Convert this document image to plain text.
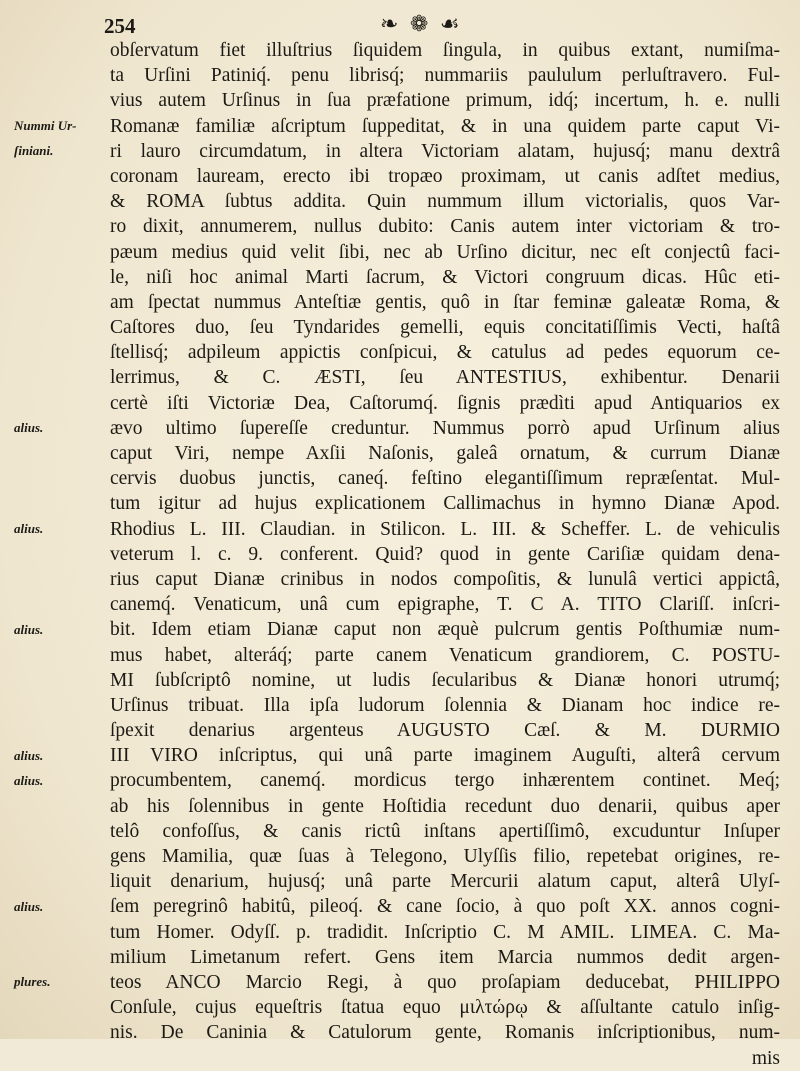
254	❧ ❁ ☙
Nummi Ur-
ſiniani.
alius.
alius.
alius.
alius.
alius.
alius.
plures.
obſervatum fiet illuſtrius ſiquidem ſingula, in quibus extant, numiſma-
ta Urſini Patiniq́. penu librisq́; nummariis paululum perluſtravero. Ful-
vius autem Urſinus in ſua præfatione primum, idq́; incertum, h. e. nulli
Romanæ familiæ aſcriptum ſuppeditat, & in una quidem parte caput Vi-
ri lauro circumdatum, in altera Victoriam alatam, hujusq́; manu dextrâ
coronam lauream, erecto ibi tropæo proximam, ut canis adſtet medius,
& ROMA ſubtus addita. Quin nummum illum victorialis, quos Var-
ro dixit, annumerem, nullus dubito: Canis autem inter victoriam & tro-
pæum medius quid velit ſibi, nec ab Urſino dicitur, nec eſt conjectû faci-
le, niſi hoc animal Marti ſacrum, & Victori congruum dicas. Hûc eti-
am ſpectat nummus Anteſtiæ gentis, quô in ſtar feminæ galeatæ Roma, &
Caſtores duo, ſeu Tyndarides gemelli, equis concitatiſſimis Vecti, haſtâ
ſtellisq́; adpileum appictis conſpicui, & catulus ad pedes equorum ce-
lerrimus, & C. ÆSTI, ſeu ANTESTIUS, exhibentur. Denarii
certè iſti Victoriæ Dea, Caſtorumq́. ſignis prædìti apud Antiquarios ex
ævo ultimo ſupereſſe creduntur. Nummus porrò apud Urſinum alius
caput Viri, nempe Axſii Naſonis, galeâ ornatum, & currum Dianæ
cervis duobus junctis, caneq́. feſtino elegantiſſimum repræſentat. Mul-
tum igitur ad hujus explicationem Callimachus in hymno Dianæ Apod.
Rhodius L. III. Claudian. in Stilicon. L. III. & Scheffer. L. de vehiculis
veterum l. c. 9. conferent. Quid? quod in gente Cariſiæ quidam dena-
rius caput Dianæ crinibus in nodos compoſitis, & lunulâ vertici appictâ,
canemq́. Venaticum, unâ cum epigraphe, T. C A. TITO Clariſſ. inſcri-
bit. Idem etiam Dianæ caput non æquè pulcrum gentis Poſthumiæ num-
mus habet, alteráq́; parte canem Venaticum grandiorem, C. POSTU-
MI ſubſcriptô nomine, ut ludis ſecularibus & Dianæ honori utrumq́;
Urſinus tribuat. Illa ipſa ludorum ſolennia & Dianam hoc indice re-
ſpexit denarius argenteus AUGUSTO Cæſ. & M. DURMIO
III VIRO inſcriptus, qui unâ parte imaginem Auguſti, alterâ cervum
procumbentem, canemq́. mordicus tergo inhærentem continet. Meq́;
ab his ſolennibus in gente Hoſtidia recedunt duo denarii, quibus aper
telô confoſſus, & canis rictû inſtans apertiſſimô, excuduntur Inſuper
gens Mamilia, quæ ſuas à Telegono, Ulyſſis filio, repetebat origines, re-
liquit denarium, hujusq́; unâ parte Mercurii alatum caput, alterâ Ulyſ-
ſem peregrinô habitû, pileoq́. & cane ſocio, à quo poſt XX. annos cogni-
tum Homer. Odyſſ. p. tradidit. Inſcriptio C. M AMIL. LIMEA. C. Ma-
milium Limetanum refert. Gens item Marcia nummos dedit argen-
teos ANCO Marcio Regi, à quo proſapiam deducebat, PHILIPPO
Conſule, cujus equeſtris ſtatua equo μιλτώρῳ & aſſultante catulo inſig-
nis. De Caninia & Catulorum gente, Romanis inſcriptionibus, num-
mis
